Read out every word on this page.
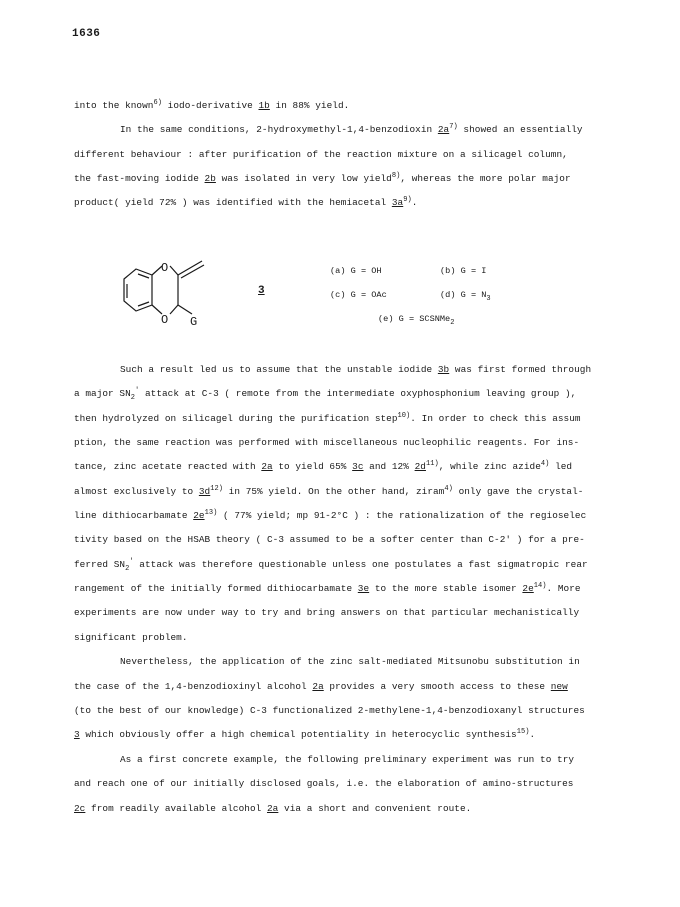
1636
into the known$^{6)}$ iodo-derivative 1b in 88% yield.
In the same conditions, 2-hydroxymethyl-1,4-benzodioxin $2a^{7)}$ showed an essentially
different behaviour : after purification of the reaction mixture on a silicagel column,
the fast-moving iodide 2b was isolated in very low yield$^{8)}$, whereas the more polar major
product( yield 72% ) was identified with the hemiacetal $3a^{9)}$.
O
O G
3
(a) G = OH	(b) G = I
(c) G = OAc	(d) $G = N_3$
(e) G = SCSNMe$_2$
Such a result led us to assume that the unstable iodide 3b was first formed through
a major $SN_2'$ attack at C-3 ( remote from the intermediate oxyphosphonium leaving group ),
then hydrolyzed on silicagel during the purification step$^{10)}$. In order to check this assum
ption, the same reaction was performed with miscellaneous nucleophilic reagents. For ins-
tance, zinc acetate reacted with 2a to yield 65% 3c and 12% $2d^{11)}$, while zinc azide$^{4)}$ led
almost exclusively to $3d^{12)}$ in 75% yield. On the other hand, ziram$^{4)}$ only gave the crystal-
line dithiocarbamate $2e^{13)}$ ( 77% yield; mp 91-2°C ) : the rationalization of the regioselec
tivity based on the HSAB theory ( C-3 assumed to be a softer center than C-2' ) for a pre-
ferred $SN_2'$ attack was therefore questionable unless one postulates a fast sigmatropic rear
rangement of the initially formed dithiocarbamate 3e to the more stable isomer $2e^{14)}$. More
experiments are now under way to try and bring answers on that particular mechanistically
significant problem.
Nevertheless, the application of the zinc salt-mediated Mitsunobu substitution in
the case of the 1,4-benzodioxinyl alcohol 2a provides a very smooth access to these new
(to the best of our knowledge) C-3 functionalized 2-methylene-1,4-benzodioxanyl structures
3 which obviously offer a high chemical potentiality in heterocyclic synthesis$^{15)}$.
As a first concrete example, the following preliminary experiment was run to try
and reach one of our initially disclosed goals, i.e. the elaboration of amino-structures
2c from readily available alcohol 2a via a short and convenient route.
